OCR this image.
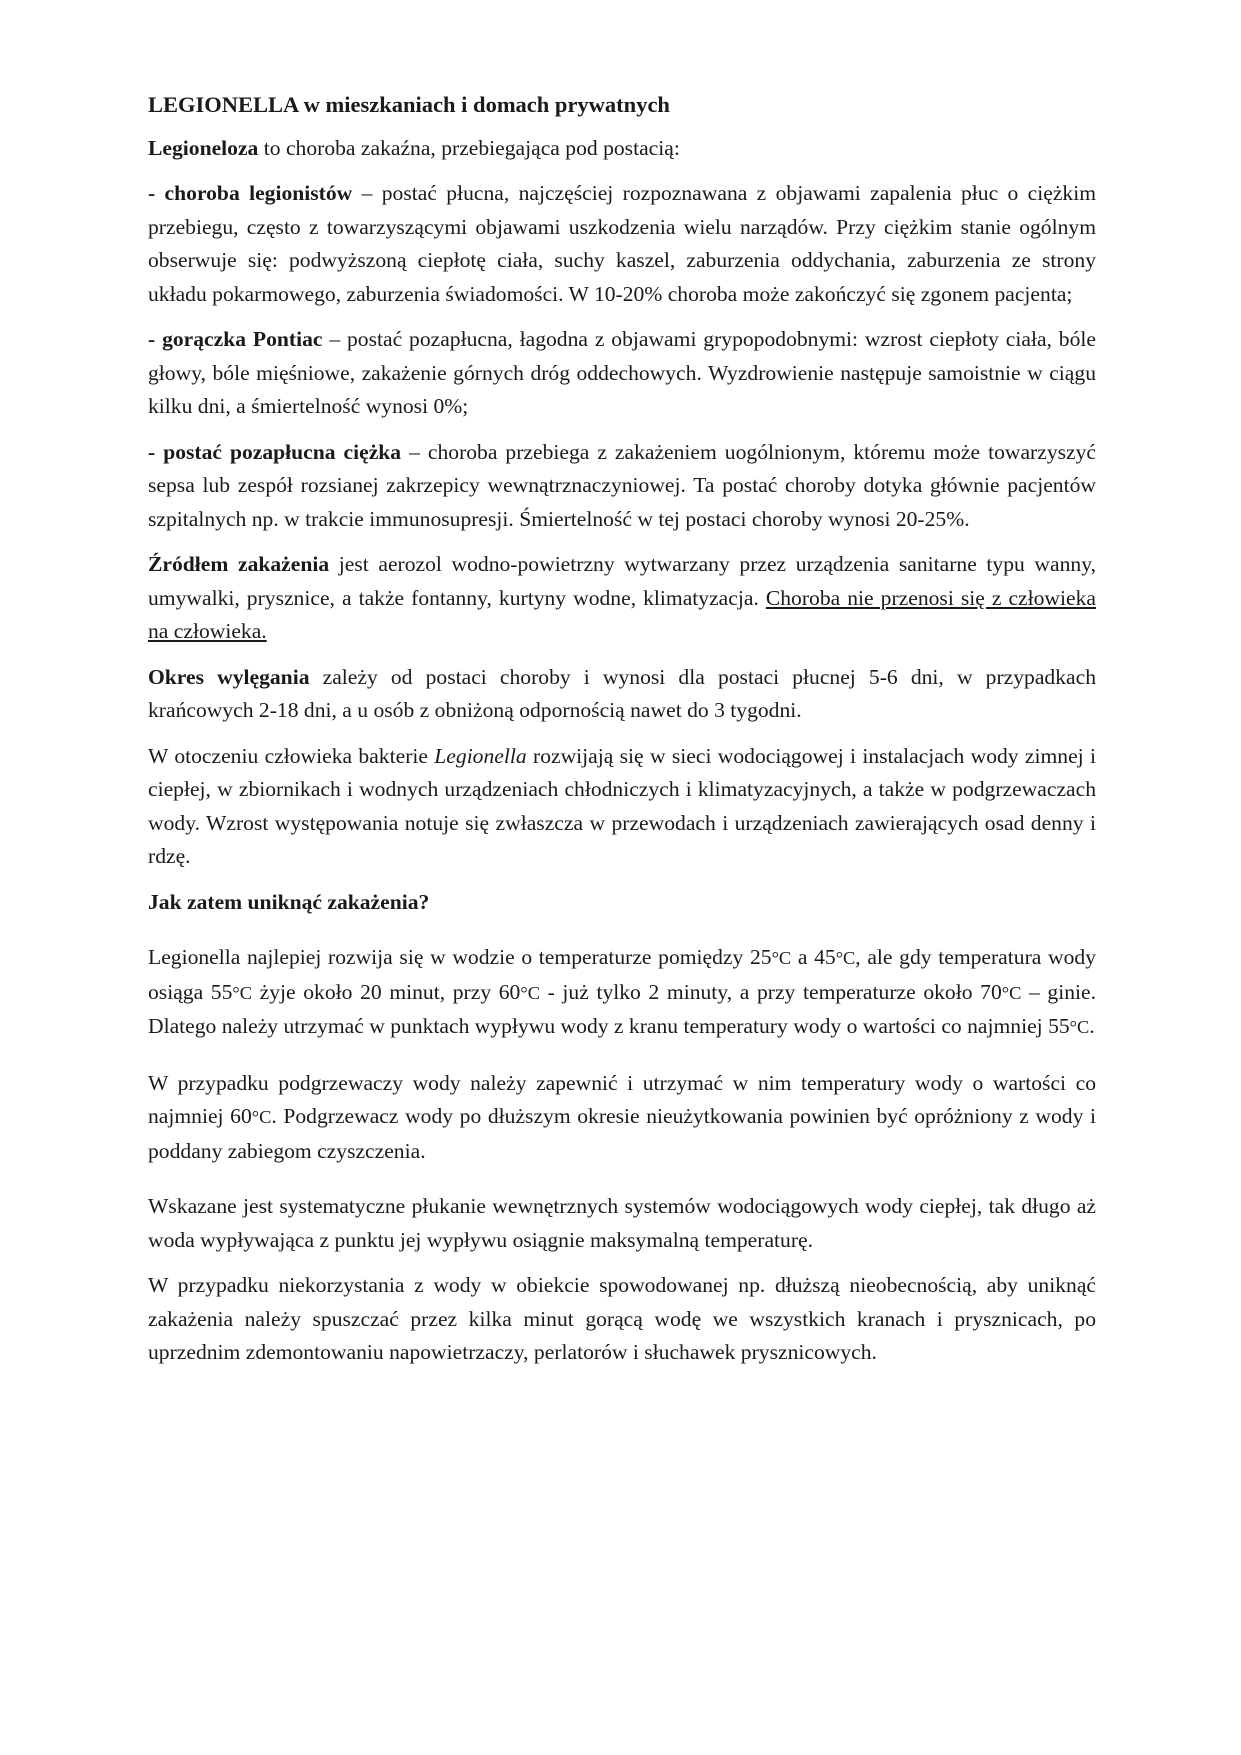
LEGIONELLA w mieszkaniach i domach prywatnych

Legioneloza to choroba zakaźna, przebiegająca pod postacią:

- choroba legionistów – postać płucna, najczęściej rozpoznawana z objawami zapalenia płuc o ciężkim przebiegu, często z towarzyszącymi objawami uszkodzenia wielu narządów. Przy ciężkim stanie ogólnym obserwuje się: podwyższoną ciepłotę ciała, suchy kaszel, zaburzenia oddychania, zaburzenia ze strony układu pokarmowego, zaburzenia świadomości. W 10-20% choroba może zakończyć się zgonem pacjenta;

- gorączka Pontiac – postać pozapłucna, łagodna z objawami grypopodobnymi: wzrost ciepłoty ciała, bóle głowy, bóle mięśniowe, zakażenie górnych dróg oddechowych. Wyzdrowienie następuje samoistnie w ciągu kilku dni, a śmiertelność wynosi 0%;

- postać pozapłucna ciężka – choroba przebiega z zakażeniem uogólnionym, któremu może towarzyszyć sepsa lub zespół rozsianej zakrzepicy wewnątrznaczyniowej. Ta postać choroby dotyka głównie pacjentów szpitalnych np. w trakcie immunosupresji. Śmiertelność w tej postaci choroby wynosi 20-25%.

Źródłem zakażenia jest aerozol wodno-powietrzny wytwarzany przez urządzenia sanitarne typu wanny, umywalki, prysznice, a także fontanny, kurtyny wodne, klimatyzacja. Choroba nie przenosi się z człowieka na człowieka.

Okres wylęgania zależy od postaci choroby i wynosi dla postaci płucnej 5-6 dni, w przypadkach krańcowych 2-18 dni, a u osób z obniżoną odpornością nawet do 3 tygodni.

W otoczeniu człowieka bakterie Legionella rozwijają się w sieci wodociągowej i instalacjach wody zimnej i ciepłej, w zbiornikach i wodnych urządzeniach chłodniczych i klimatyzacyjnych, a także w podgrzewaczach wody. Wzrost występowania notuje się zwłaszcza w przewodach i urządzeniach zawierających osad denny i rdzę.

Jak zatem uniknąć zakażenia?

Legionella najlepiej rozwija się w wodzie o temperaturze pomiędzy 25°C a 45°C, ale gdy temperatura wody osiąga 55°C żyje około 20 minut, przy 60°C - już tylko 2 minuty, a przy temperaturze około 70°C – ginie. Dlatego należy utrzymać w punktach wypływu wody z kranu temperatury wody o wartości co najmniej 55°C.

W przypadku podgrzewaczy wody należy zapewnić i utrzymać w nim temperatury wody o wartości co najmniej 60°C. Podgrzewacz wody po dłuższym okresie nieużytkowania powinien być opróżniony z wody i poddany zabiegom czyszczenia.

Wskazane jest systematyczne płukanie wewnętrznych systemów wodociągowych wody ciepłej, tak długo aż woda wypływająca z punktu jej wypływu osiągnie maksymalną temperaturę.

W przypadku niekorzystania z wody w obiekcie spowodowanej np. dłuższą nieobecnością, aby uniknąć zakażenia należy spuszczać przez kilka minut gorącą wodę we wszystkich kranach i prysznicach, po uprzednim zdemontowaniu napowietrzaczy, perlatorów i słuchawek prysznicowych.
